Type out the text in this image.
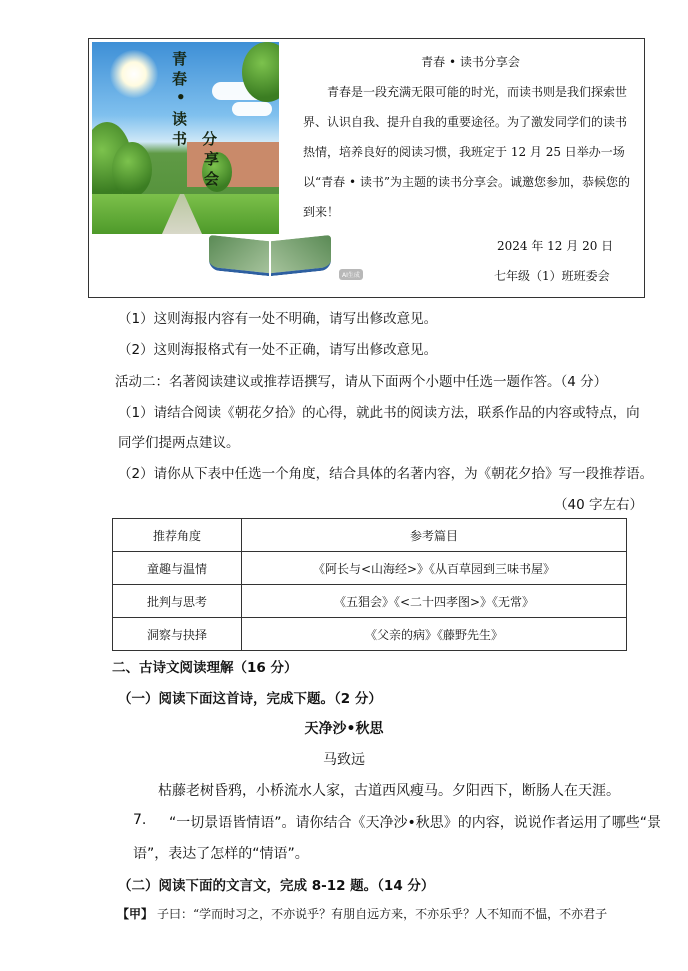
青
春
•
读
书 分
享
会
AI生成
青春 • 读书分享会
青春是一段充满无限可能的时光，而读书则是我们探索世界、认识自我、提升自我的重要途径。为了激发同学们的读书热情，培养良好的阅读习惯，我班定于 12 月 25 日举办一场以“青春 • 读书”为主题的读书分享会。诚邀您参加，恭候您的到来！
2024 年 12 月 20 日
七年级（1）班班委会
（1）这则海报内容有一处不明确，请写出修改意见。
（2）这则海报格式有一处不正确，请写出修改意见。
活动二：名著阅读建议或推荐语撰写，请从下面两个小题中任选一题作答。（4 分）
（1）请结合阅读《朝花夕拾》的心得，就此书的阅读方法，联系作品的内容或特点，向
同学们提两点建议。
（2）请你从下表中任选一个角度，结合具体的名著内容，为《朝花夕拾》写一段推荐语。
（40 字左右）
推荐角度	参考篇目
童趣与温情	《阿长与<山海经>》《从百草园到三味书屋》
批判与思考	《五猖会》《<二十四孝图>》《无常》
洞察与抉择	《父亲的病》《藤野先生》
二、古诗文阅读理解（16 分）
（一）阅读下面这首诗，完成下题。（2 分）
天净沙•秋思
马致远
枯藤老树昏鸦，小桥流水人家，古道西风瘦马。夕阳西下，断肠人在天涯。
7. “一切景语皆情语”。请你结合《天净沙•秋思》的内容，说说作者运用了哪些“景
语”，表达了怎样的“情语”。
（二）阅读下面的文言文，完成 8-12 题。（14 分）
【甲】 子曰：“学而时习之，不亦说乎？有朋自远方来，不亦乐乎？人不知而不愠，不亦君子
